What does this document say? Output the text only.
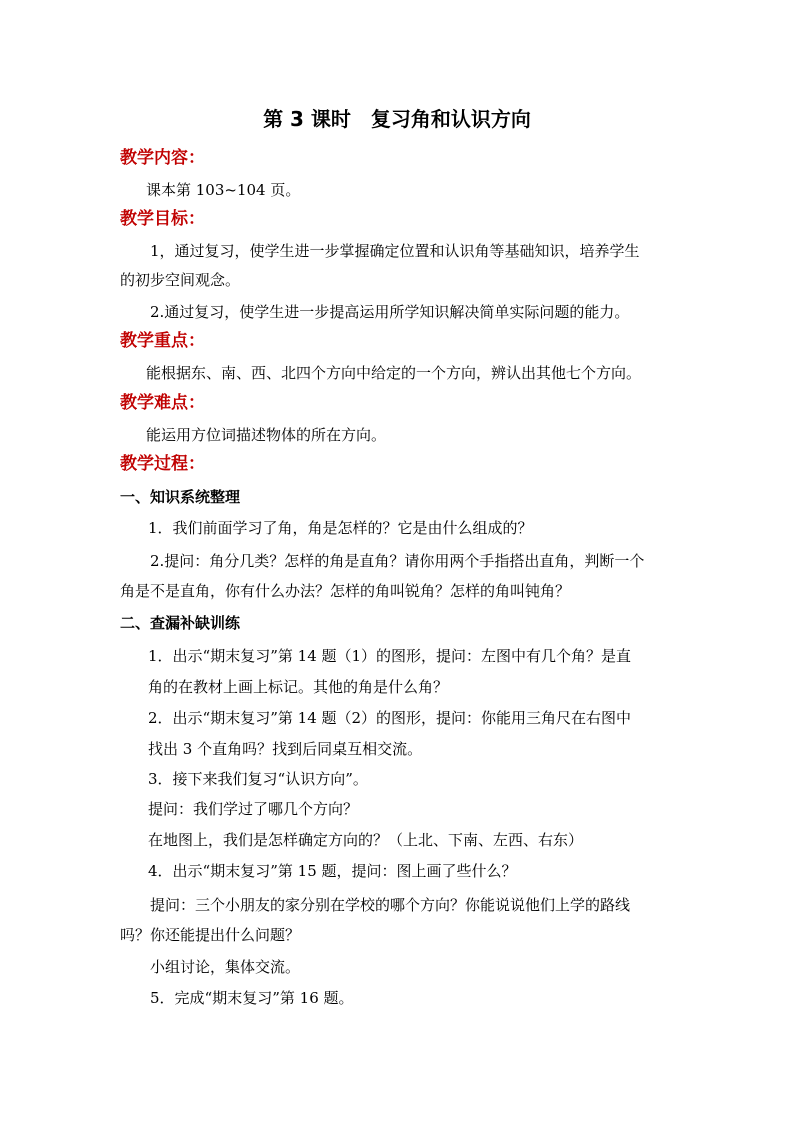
第 3 课时　复习角和认识方向
教学内容：
课本第 103~104 页。
教学目标：
1，通过复习，使学生进一步掌握确定位置和认识角等基础知识，培养学生
的初步空间观念。
2.通过复习，使学生进一步提高运用所学知识解决简单实际问题的能力。
教学重点：
能根据东、南、西、北四个方向中给定的一个方向，辨认出其他七个方向。
教学难点：
能运用方位词描述物体的所在方向。
教学过程：
一、知识系统整理
1．我们前面学习了角，角是怎样的？它是由什么组成的？
2.提问：角分几类？怎样的角是直角？请你用两个手指搭出直角，判断一个
角是不是直角，你有什么办法？怎样的角叫锐角？怎样的角叫钝角？
二、查漏补缺训练
1．出示“期末复习”第 14 题（1）的图形，提问：左图中有几个角？是直
角的在教材上画上标记。其他的角是什么角？
2．出示“期末复习”第 14 题（2）的图形，提问：你能用三角尺在右图中
找出 3 个直角吗？找到后同桌互相交流。
3．接下来我们复习“认识方向”。
提问：我们学过了哪几个方向？
在地图上，我们是怎样确定方向的？（上北、下南、左西、右东）
4．出示“期末复习”第 15 题，提问：图上画了些什么？
提问：三个小朋友的家分别在学校的哪个方向？你能说说他们上学的路线
吗？你还能提出什么问题？
小组讨论，集体交流。
5．完成“期末复习”第 16 题。
